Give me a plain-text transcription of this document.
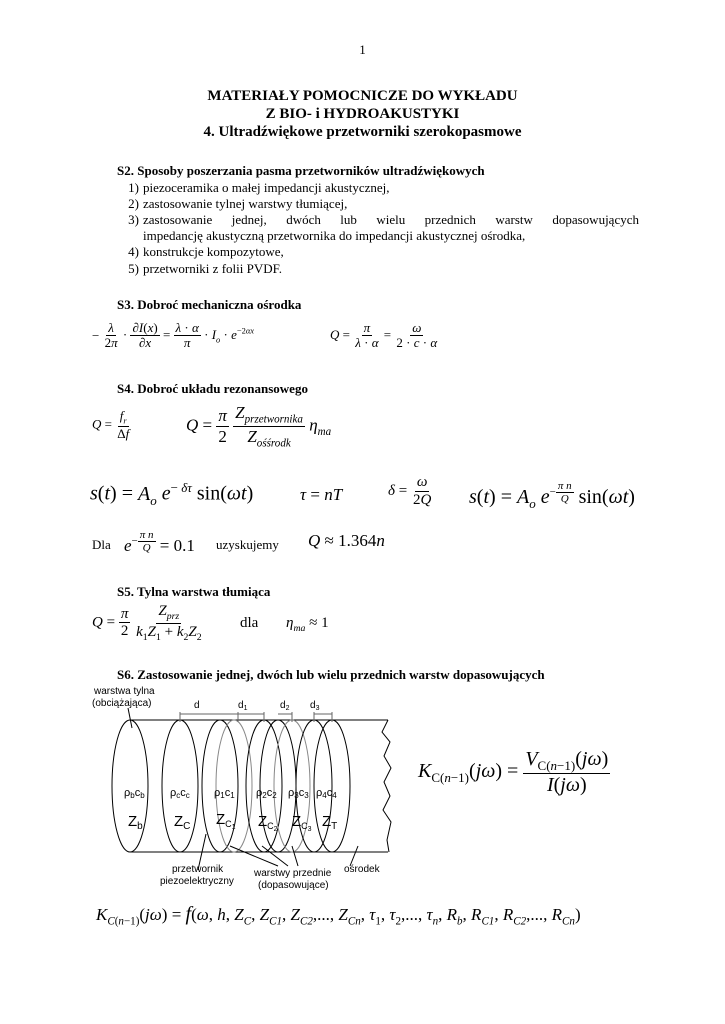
1
MATERIAŁY POMOCNICZE DO WYKŁADU
Z BIO- i HYDROAKUSTYKI
4. Ultradźwiękowe przetworniki szerokopasmowe
S2. Sposoby poszerzania pasma przetworników ultradźwiękowych
1) piezoceramika o małej impedancji akustycznej,
2) zastosowanie tylnej warstwy tłumiącej,
3) zastosowanie jednej, dwóch lub wielu przednich warstw dopasowujących
impedancję akustyczną przetwornika do impedancji akustycznej ośrodka,
4) konstrukcje kompozytowe,
5) przetworniki z folii PVDF.
S3. Dobroć mechaniczna ośrodka
− $\frac{\lambda}{2\pi} \cdot \frac{\partial I(x)}{\partial x} = \frac{\lambda \cdot \alpha}{\pi} \cdot I_o \cdot e^{-2\alpha x}$	$Q = \frac{\pi}{\lambda \cdot \alpha} = \frac{\omega}{2 \cdot c \cdot \alpha}$
S4. Dobroć układu rezonansowego
$Q = \frac{f_r}{\Delta f}$	$Q = \frac{\pi}{2}$
$\frac{Z_{przetwornika}}{Z_{ośśrodk}} \eta_{ma}$
$s(t) = A_o$ $e^{- \delta\tau}$ sin(ωt)	τ = nT	$\delta = \frac{\omega}{2Q} s(t) = A_o$ $e^{- \frac{\text{π n}}{Q}}$ sin(ωt)
Dla $e^{- \frac{\text{π n}}{Q}} = 0.1$ uzyskujemy Q ≈ 1.364n
S5. Tylna warstwa tłumiąca
$Q = \frac{\pi}{2}$
$\frac{Z_{prz}}{k_1Z_1 + k_2Z_2}$ dla $\eta_{ma} \approx 1$
S6. Zastosowanie jednej, dwóch lub wielu przednich warstw dopasowujących
warstwa tylna
(obciążająca)	d	$d_1$	$d_2$ $d_3$
ρbcb ρccc ρ1c1 ρ2c2 ρ3c3 ρ4c4
$Z_b$ $Z_C$ $Z_C1$ $Z_C2$ $Z_C3$ $Z_T$
przetwornik
piezoelektryczny
warstwy przednie
(dopasowujące)
ośrodek
$K_{C(n-1)}(j\omega) = \frac{V_{C(n-1)}(j\omega)}{I(j\omega)}$
$K_{C(n-1)}(j\omega) = f(\omega$, h, $Z_C$, $Z_{C1}$, $Z_{C2}$,..., $Z_{Cn}$, $\tau_1$, $\tau_2$,..., $\tau_n$, $R_b$, $R_{C1}$, $R_{C2}$,..., $R_{Cn}$)
